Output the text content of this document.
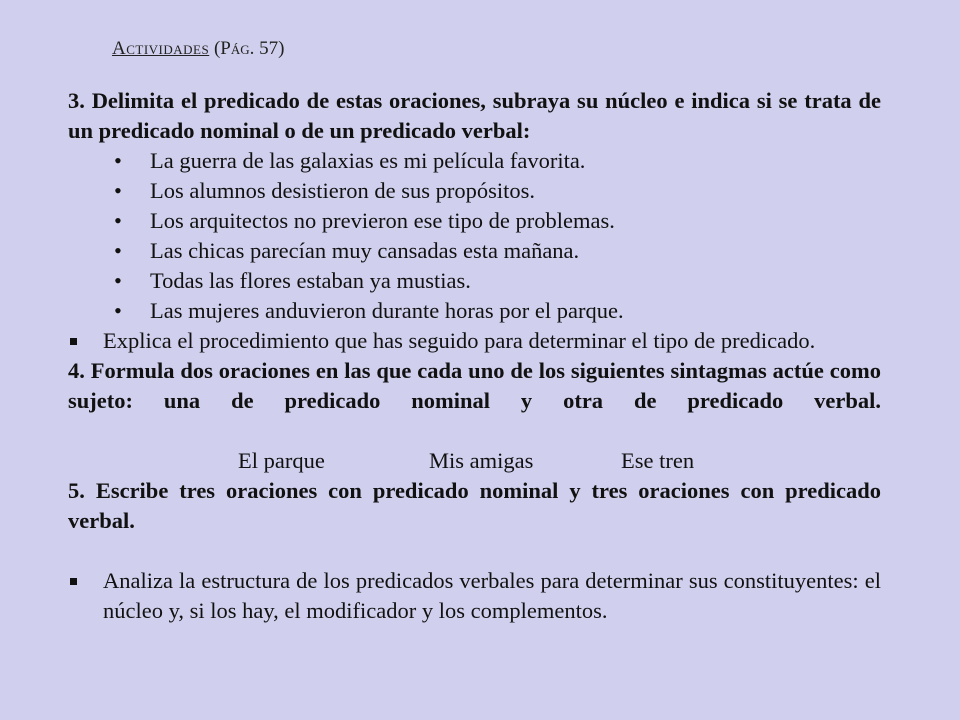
Actividades (Pág. 57)

3. Delimita el predicado de estas oraciones, subraya su núcleo e indica si se trata de un predicado nominal o de un predicado verbal:

• La guerra de las galaxias es mi película favorita.
• Los alumnos desistieron de sus propósitos.
• Los arquitectos no previeron ese tipo de problemas.
• Las chicas parecían muy cansadas esta mañana.
• Todas las flores estaban ya mustias.
• Las mujeres anduvieron durante horas por el parque.

Explica el procedimiento que has seguido para determinar el tipo de predicado.

4. Formula dos oraciones en las que cada uno de los siguientes sintagmas actúe como sujeto: una de predicado nominal y otra de predicado verbal.

El parque	Mis amigas	Ese tren

5. Escribe tres oraciones con predicado nominal y tres oraciones con predicado verbal.

Analiza la estructura de los predicados verbales para determinar sus constituyentes: el núcleo y, si los hay, el modificador y los complementos.
